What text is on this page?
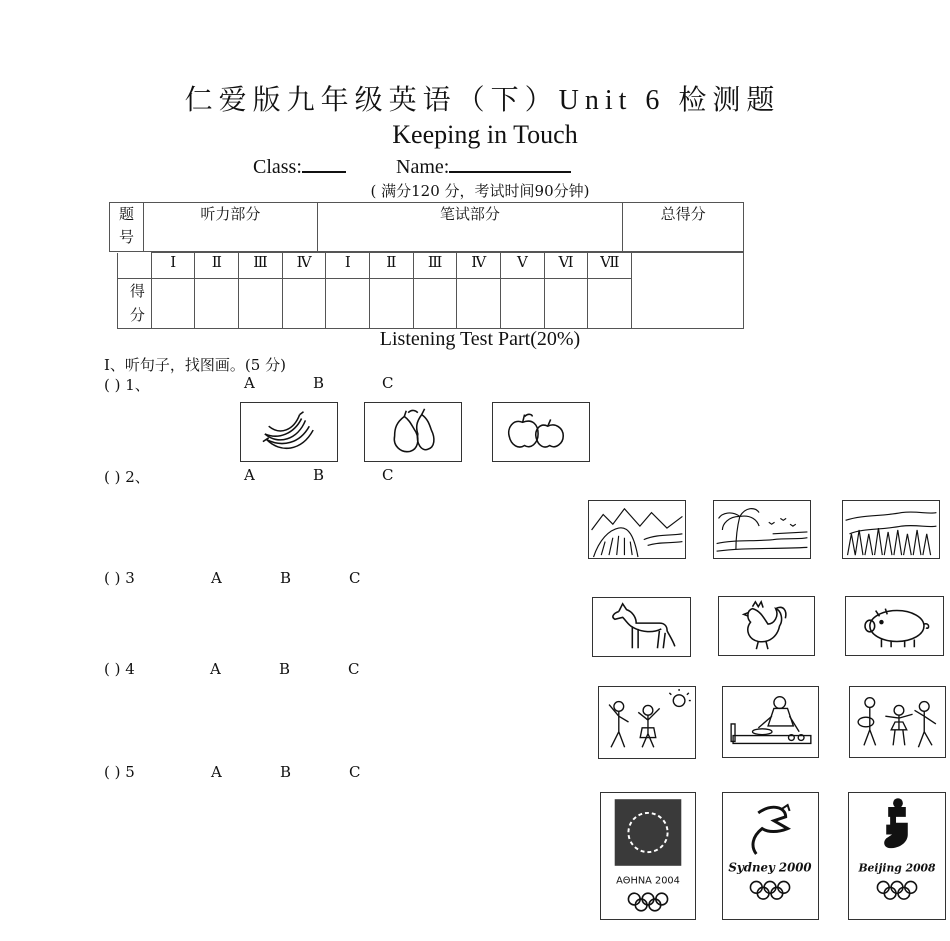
仁爱版九年级英语（下）Unit 6 检测题
Keeping in Touch
Class:	Name:
( 满分120 分，考试时间90分钟)
题号	听力部分	笔试部分	总得分
	Ⅰ	Ⅱ	Ⅲ	Ⅳ	Ⅰ	Ⅱ	Ⅲ	Ⅳ	Ⅴ	Ⅵ	Ⅶ	
得分												
Listening Test Part(20%)
I、听句子，找图画。(5 分)
( ) 1、	A	B	C
( ) 2、	A	B	C
( ) 3	A	B	C
( ) 4	A	B	C
( ) 5	A	B	C
AΘHNA 2004
Sydney 2000	Beijing 2008
